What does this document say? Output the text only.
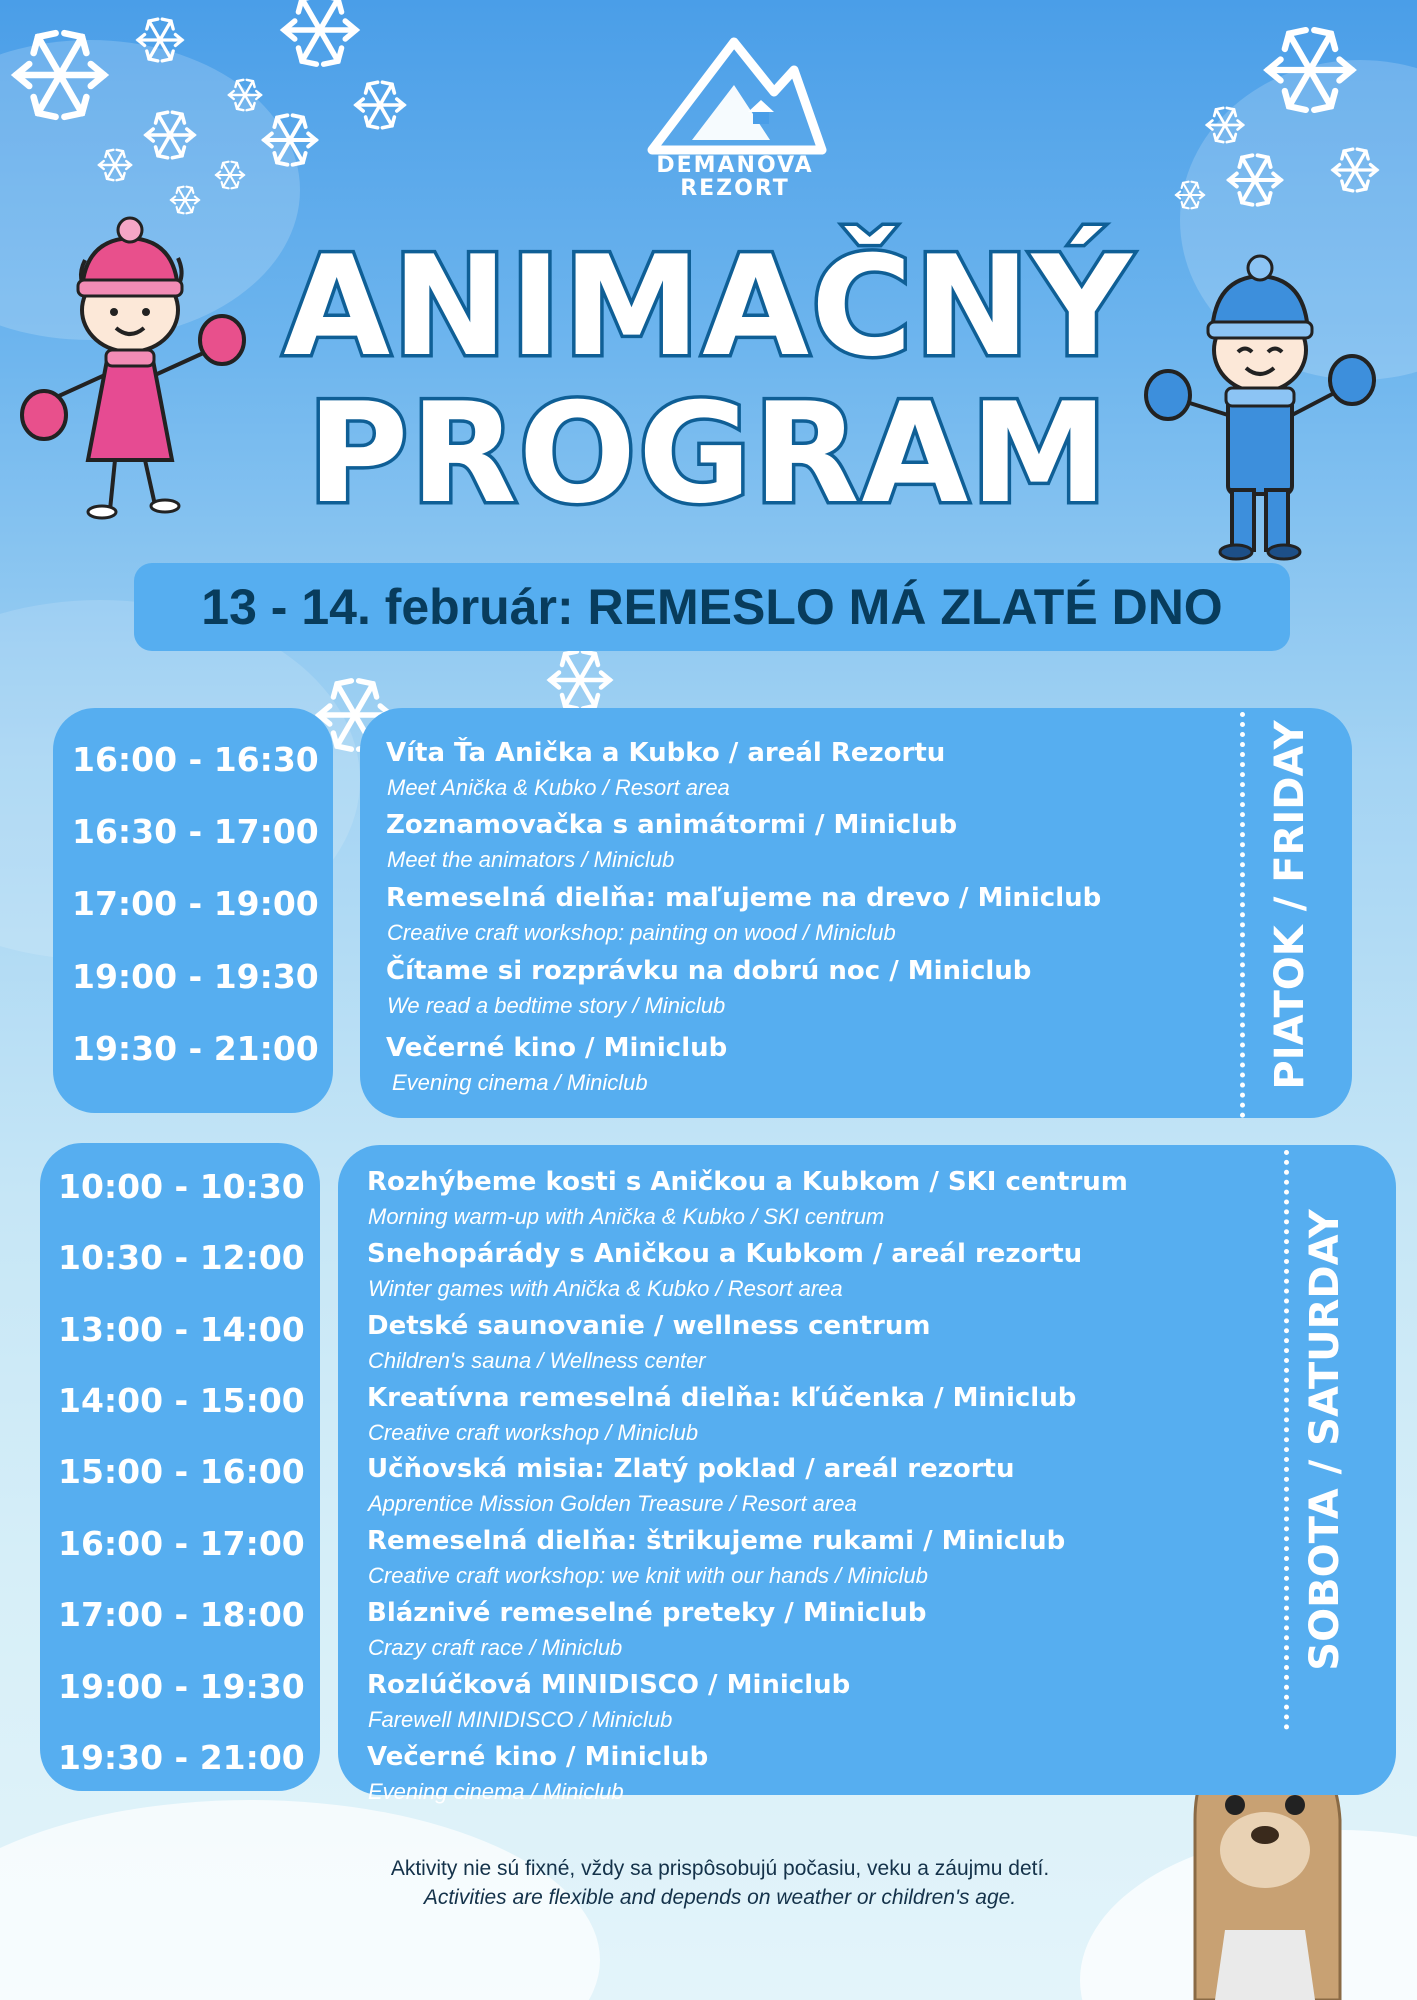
DEMÄNOVÁ
REZORT
ANIMAČNÝ
PROGRAM
13 - 14. február: REMESLO MÁ ZLATÉ DNO
PIATOK / FRIDAY
16:00 - 16:30
16:30 - 17:00
17:00 - 19:00
19:00 - 19:30
19:30 - 21:00
Víta Ťa Anička a Kubko / areál Rezortu
Meet Anička & Kubko / Resort area
Zoznamovačka s animátormi / Miniclub
Meet the animators / Miniclub
Remeselná dielňa: maľujeme na drevo / Miniclub
Creative craft workshop: painting on wood / Miniclub
Čítame si rozprávku na dobrú noc / Miniclub
We read a bedtime story / Miniclub
Večerné kino / Miniclub
Evening cinema / Miniclub
SOBOTA / SATURDAY
10:00 - 10:30
10:30 - 12:00
13:00 - 14:00
14:00 - 15:00
15:00 - 16:00
16:00 - 17:00
17:00 - 18:00
19:00 - 19:30
19:30 - 21:00
Rozhýbeme kosti s Aničkou a Kubkom / SKI centrum
Morning warm-up with Anička & Kubko / SKI centrum
Snehopárády s Aničkou a Kubkom / areál rezortu
Winter games with Anička & Kubko / Resort area
Detské saunovanie / wellness centrum
Children's sauna / Wellness center
Kreatívna remeselná dielňa: kľúčenka / Miniclub
Creative craft workshop / Miniclub
Učňovská misia: Zlatý poklad / areál rezortu
Apprentice Mission Golden Treasure / Resort area
Remeselná dielňa: štrikujeme rukami / Miniclub
Creative craft workshop: we knit with our hands / Miniclub
Bláznivé remeselné preteky / Miniclub
Crazy craft race / Miniclub
Rozlúčková MINIDISCO / Miniclub
Farewell MINIDISCO / Miniclub
Večerné kino / Miniclub
Evening cinema / Miniclub
Aktivity nie sú fixné, vždy sa prispôsobujú počasiu, veku a záujmu detí.
Activities are flexible and depends on weather or children's age.
